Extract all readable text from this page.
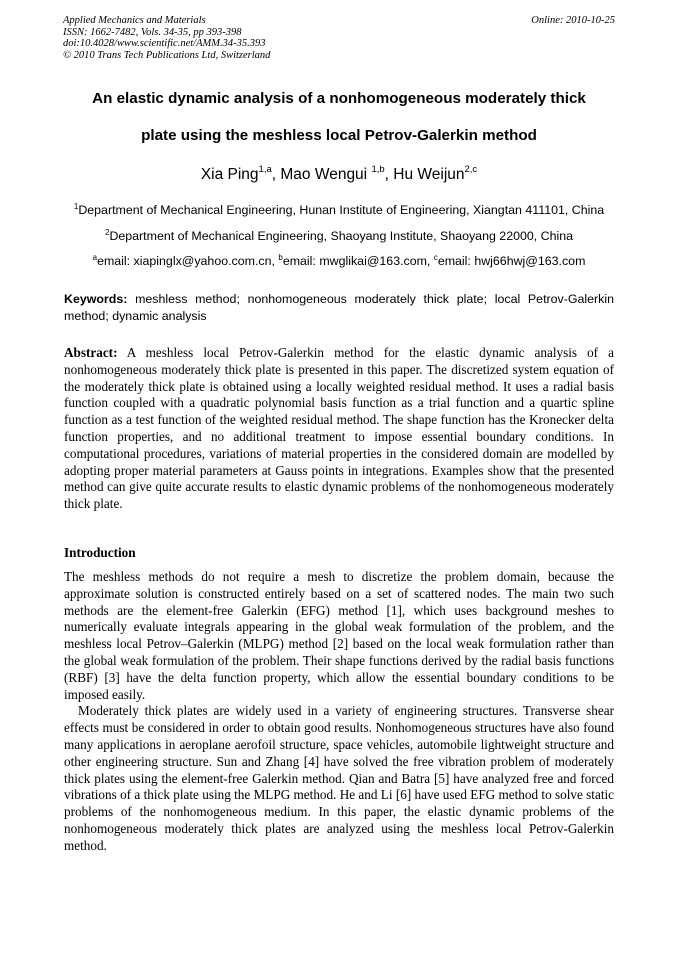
Applied Mechanics and Materials
ISSN: 1662-7482, Vols. 34-35, pp 393-398
doi:10.4028/www.scientific.net/AMM.34-35.393
© 2010 Trans Tech Publications Ltd, Switzerland
Online: 2010-10-25
An elastic dynamic analysis of a nonhomogeneous moderately thick
plate using the meshless local Petrov-Galerkin method
Xia Ping$^{1,a}$, Mao Wengui $^{1,b}$, Hu Weijun$^{2,c}$
$^1$Department of Mechanical Engineering, Hunan Institute of Engineering, Xiangtan 411101, China
$^2$Department of Mechanical Engineering, Shaoyang Institute, Shaoyang 22000, China
$^a$email: xiapinglx@yahoo.com.cn, $^b$email: mwglikai@163.com, $^c$email: hwj66hwj@163.com
Keywords: meshless method; nonhomogeneous moderately thick plate; local Petrov-Galerkin method; dynamic analysis
Abstract: A meshless local Petrov-Galerkin method for the elastic dynamic analysis of a nonhomogeneous moderately thick plate is presented in this paper. The discretized system equation of the moderately thick plate is obtained using a locally weighted residual method. It uses a radial basis function coupled with a quadratic polynomial basis function as a trial function and a quartic spline function as a test function of the weighted residual method. The shape function has the Kronecker delta function properties, and no additional treatment to impose essential boundary conditions. In computational procedures, variations of material properties in the considered domain are modelled by adopting proper material parameters at Gauss points in integrations. Examples show that the presented method can give quite accurate results to elastic dynamic problems of the nonhomogeneous moderately thick plate.
Introduction

The meshless methods do not require a mesh to discretize the problem domain, because the approximate solution is constructed entirely based on a set of scattered nodes. The main two such methods are the element-free Galerkin (EFG) method [1], which uses background meshes to numerically evaluate integrals appearing in the global weak formulation of the problem, and the meshless local Petrov–Galerkin (MLPG) method [2] based on the local weak formulation rather than the global weak formulation of the problem. Their shape functions derived by the radial basis functions (RBF) [3] have the delta function property, which allow the essential boundary conditions to be imposed easily.

Moderately thick plates are widely used in a variety of engineering structures. Transverse shear effects must be considered in order to obtain good results. Nonhomogeneous structures have also found many applications in aeroplane aerofoil structure, space vehicles, automobile lightweight structure and other engineering structure. Sun and Zhang [4] have solved the free vibration problem of moderately thick plates using the element-free Galerkin method. Qian and Batra [5] have analyzed free and forced vibrations of a thick plate using the MLPG method. He and Li [6] have used EFG method to solve static problems of the nonhomogeneous medium. In this paper, the elastic dynamic problems of the nonhomogeneous moderately thick plates are analyzed using the meshless local Petrov-Galerkin method.
